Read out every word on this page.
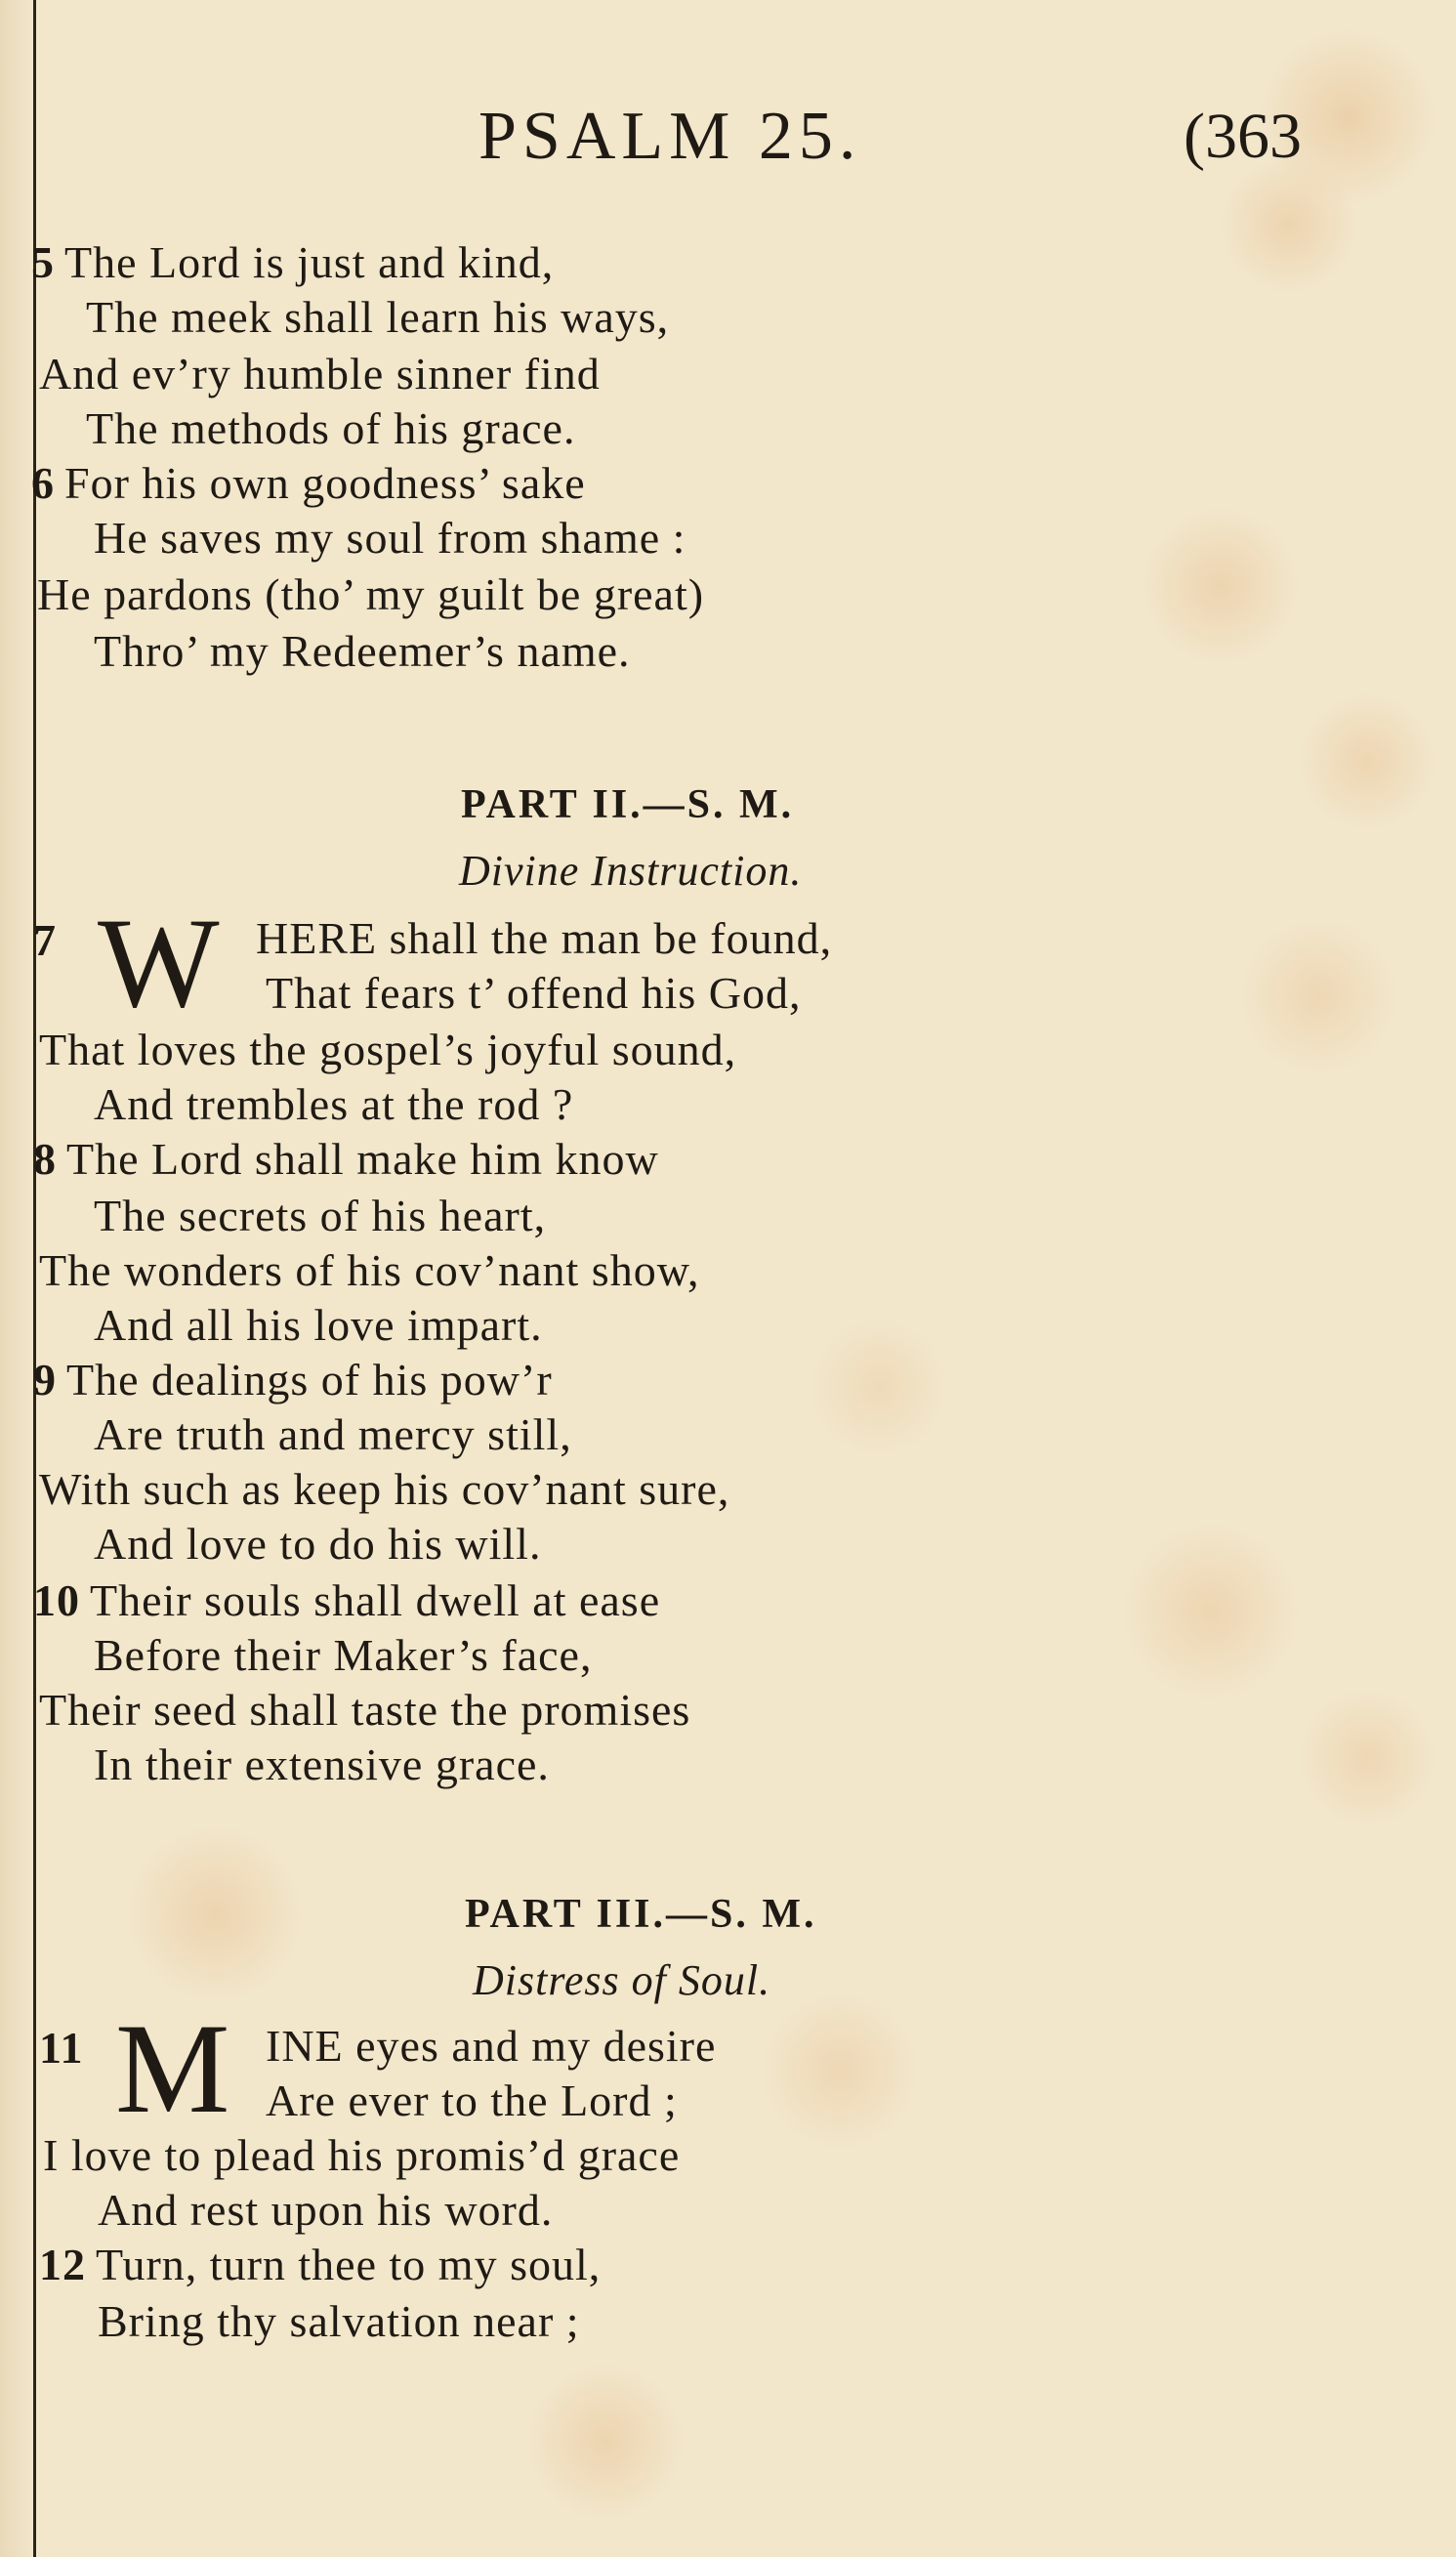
PSALM 25.	(363
5 The Lord is just and kind,
The meek shall learn his ways,
And ev’ry humble sinner find
The methods of his grace.
6 For his own goodness’ sake
He saves my soul from shame :
He pardons (tho’ my guilt be great)
Thro’ my Redeemer’s name.
PART II.—S. M.
Divine Instruction.
7 W HERE shall the man be found,
That fears t’ offend his God,
That loves the gospel’s joyful sound,
And trembles at the rod ?
8 The Lord shall make him know
The secrets of his heart,
The wonders of his cov’nant show,
And all his love impart.
9 The dealings of his pow’r
Are truth and mercy still,
With such as keep his cov’nant sure,
And love to do his will.
10 Their souls shall dwell at ease
Before their Maker’s face,
Their seed shall taste the promises
In their extensive grace.
PART III.—S. M.
Distress of Soul.
11 M INE eyes and my desire
Are ever to the Lord ;
I love to plead his promis’d grace
And rest upon his word.
12 Turn, turn thee to my soul,
Bring thy salvation near ;
